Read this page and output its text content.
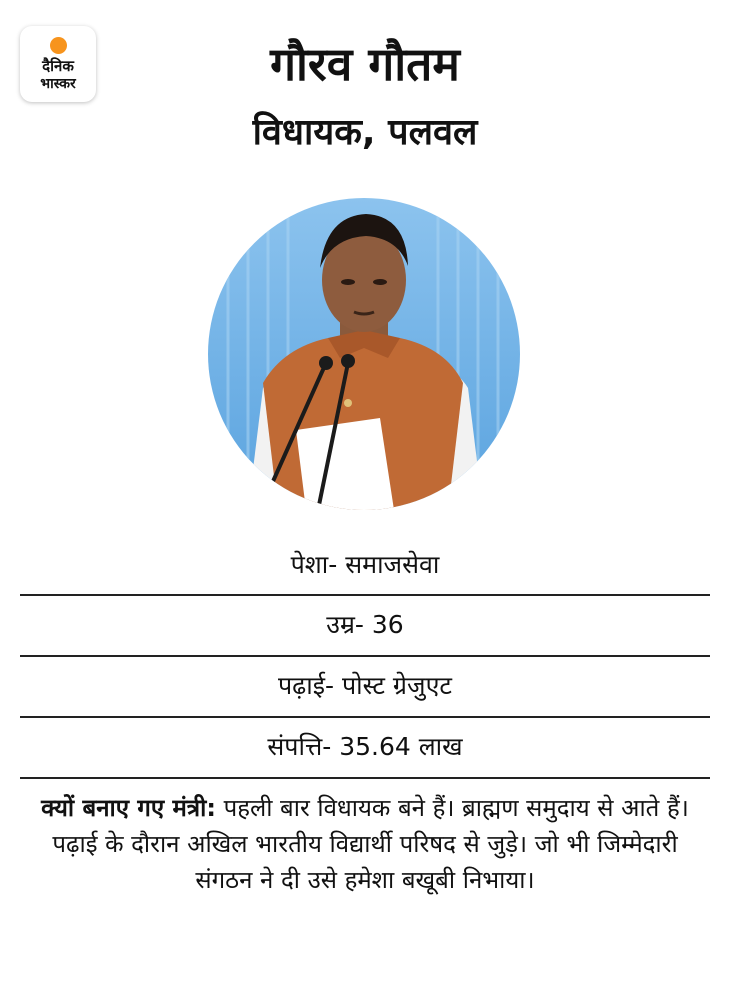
दैनिक
भास्कर	गौरव गौतम
विधायक, पलवल
पेशा- समाजसेवा
उम्र- 36
पढ़ाई- पोस्ट ग्रेजुएट
संपत्ति- 35.64 लाख
क्यों बनाए गए मंत्री: पहली बार विधायक बने हैं। ब्राह्मण समुदाय से आते हैं। पढ़ाई के दौरान अखिल भारतीय विद्यार्थी परिषद से जुड़े। जो भी जिम्मेदारी संगठन ने दी उसे हमेशा बखूबी निभाया।
